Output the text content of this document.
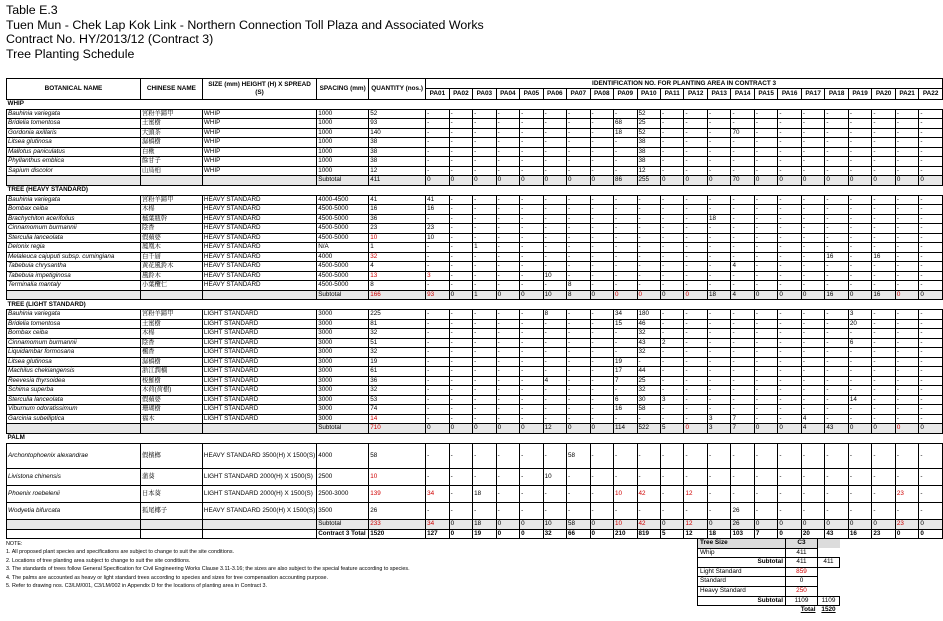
Table E.3
Tuen Mun - Chek Lap Kok Link - Northern Connection Toll Plaza and Associated Works
Contract No. HY/2013/12 (Contract 3)
Tree Planting Schedule
BOTANICAL NAME	CHINESE NAME	SIZE (mm) HEIGHT (H) X SPREAD (S)	SPACING (mm)	QUANTITY (nos.)	IDENTIFICATION NO. FOR PLANTING AREA IN CONTRACT 3																					
					PA01	PA02	PA03	PA04	PA05	PA06	PA07	PA08	PA09	PA10	PA11	PA12	PA13	PA14	PA15	PA16	PA17	PA18	PA19	PA20	PA21	PA22
WHIP																										
Bauhinia variegata	宮粉羊蹄甲	WHIP	1000	52	-	-	-	-	-	-	-	-	-	52	-	-	-	-	-	-	-	-	-	-	-	-
Bridelia tomentosa	土蜜樹	WHIP	1000	93	-	-	-	-	-	-	-	-	68	25	-	-	-	-	-	-	-	-	-	-	-	-
Gordonia axillaris	大頭茶	WHIP	1000	140	-	-	-	-	-	-	-	-	18	52	-	-	-	70	-	-	-	-	-	-	-	-
Litsea glutinosa	潺槁樹	WHIP	1000	38	-	-	-	-	-	-	-	-	-	38	-	-	-	-	-	-	-	-	-	-	-	-
Mallotus paniculatus	白楸	WHIP	1000	38	-	-	-	-	-	-	-	-	-	38	-	-	-	-	-	-	-	-	-	-	-	-
Phyllanthus emblica	餘甘子	WHIP	1000	38	-	-	-	-	-	-	-	-	-	38	-	-	-	-	-	-	-	-	-	-	-	-
Sapium discolor	山烏桕	WHIP	1000	12	-	-	-	-	-	-	-	-	-	12	-	-	-	-	-	-	-	-	-	-	-	-
			Subtotal	411	0	0	0	0	0	0	0	0	86	255	0	0	0	70	0	0	0	0	0	0	0	0
TREE (HEAVY STANDARD)																										
Bauhinia variegata	宮粉羊蹄甲	HEAVY STANDARD	4000-4500	41	41	-	-	-	-	-	-	-	-	-	-	-	-	-	-	-	-	-	-	-	-	-
Bombax ceiba	木棉	HEAVY STANDARD	4500-5000	16	16	-	-	-	-	-	-	-	-	-	-	-	-	-	-	-	-	-	-	-	-	-
Brachychiton acerifolius	槭葉瓶幹	HEAVY STANDARD	4500-5000	36	-	-	-	-	-	-	-	-	-	-	-	-	18	-	-	-	-	-	-	-	-	-
Cinnamomum burmannii	陰香	HEAVY STANDARD	4500-5000	23	23	-	-	-	-	-	-	-	-	-	-	-	-	-	-	-	-	-	-	-	-	-
Sterculia lanceolata	假蘋婆	HEAVY STANDARD	4500-5000	10	10	-	-	-	-	-	-	-	-	-	-	-	-	-	-	-	-	-	-	-	-	-
Delonix regia	鳳凰木	HEAVY STANDARD	N/A	1	-	-	1	-	-	-	-	-	-	-	-	-	-	-	-	-	-	-	-	-	-	-
Melaleuca cajuputi subsp. cumingiana	白千層	HEAVY STANDARD	4000	32	-	-	-	-	-	-	-	-	-	-	-	-	-	-	-	-	-	16	-	16	-	-
Tabebuia chrysantha	黃花風鈴木	HEAVY STANDARD	4500-5000	4	-	-	-	-	-	-	-	-	-	-	-	-	-	4	-	-	-	-	-	-	-	-
Tabebuia impetiginosa	風鈴木	HEAVY STANDARD	4500-5000	13	3	-	-	-	-	10	-	-	-	-	-	-	-	-	-	-	-	-	-	-	-	-
Terminalia mantaly	小葉欖仁	HEAVY STANDARD	4500-5000	8	-	-	-	-	-	-	8	-	-	-	-	-	-	-	-	-	-	-	-	-	-	-
			Subtotal	166	93	0	1	0	0	10	8	0	0	0	0	0	18	4	0	0	0	16	0	16	0	0
TREE (LIGHT STANDARD)																										
Bauhinia variegata	宮粉羊蹄甲	LIGHT STANDARD	3000	225	-	-	-	-	-	8	-	-	34	180	-	-	-	-	-	-	-	-	3	-	-	-
Bridelia tomentosa	土蜜樹	LIGHT STANDARD	3000	81	-	-	-	-	-	-	-	-	15	46	-	-	-	-	-	-	-	-	20	-	-	-
Bombax ceiba	木棉	LIGHT STANDARD	3000	32	-	-	-	-	-	-	-	-	-	32	-	-	-	-	-	-	-	-	-	-	-	-
Cinnamomum burmannii	陰香	LIGHT STANDARD	3000	51	-	-	-	-	-	-	-	-	-	43	2	-	-	-	-	-	-	-	6	-	-	-
Liquidambar formosana	楓香	LIGHT STANDARD	3000	32	-	-	-	-	-	-	-	-	-	32	-	-	-	-	-	-	-	-	-	-	-	-
Litsea glutinosa	潺槁樹	LIGHT STANDARD	3000	19	-	-	-	-	-	-	-	-	19	-	-	-	-	-	-	-	-	-	-	-	-	-
Machilus chekiangensis	浙江潤楠	LIGHT STANDARD	3000	61	-	-	-	-	-	-	-	-	17	44	-	-	-	-	-	-	-	-	-	-	-	-
Reevesia thyrsoidea	梭羅樹	LIGHT STANDARD	3000	36	-	-	-	-	-	4	-	-	7	25	-	-	-	-	-	-	-	-	-	-	-	-
Schima superba	木荷(荷樹)	LIGHT STANDARD	3000	32	-	-	-	-	-	-	-	-	-	32	-	-	-	-	-	-	-	-	-	-	-	-
Sterculia lanceolata	假蘋婆	LIGHT STANDARD	3000	53	-	-	-	-	-	-	-	-	6	30	3	-	-	-	-	-	-	-	14	-	-	-
Viburnum odoratissimum	珊瑚樹	LIGHT STANDARD	3000	74	-	-	-	-	-	-	-	-	16	58	-	-	-	-	-	-	-	-	-	-	-	-
Garcinia subelliptica	福木	LIGHT STANDARD	3000	14	-	-	-	-	-	-	-	-	-	-	-	-	3	7	-	-	4	-	-	-	-	-
			Subtotal	710	0	0	0	0	0	12	0	0	114	522	5	0	3	7	0	0	4	43	0	0	0	0
PALM																										
Archontophoenix alexandrae	假檳榔	HEAVY STANDARD 3500(H) X 1500(S)	4000	58	-	-	-	-	-	-	58	-	-	-	-	-	-	-	-	-	-	-	-	-	-	-
Livistona chinensis	蒲葵	LIGHT STANDARD 2000(H) X 1500(S)	2500	10	-	-	-	-	-	10	-	-	-	-	-	-	-	-	-	-	-	-	-	-	-	-
Phoenix roebelenii	日本葵	LIGHT STANDARD 2000(H) X 1500(S)	2500-3000	139	34	-	18	-	-	-	-	-	10	42	-	12	-	-	-	-	-	-	-	-	23	-
Wodyetia bifurcata	狐尾椰子	HEAVY STANDARD 2500(H) X 1500(S)	3500	26	-	-	-	-	-	-	-	-	-	-	-	-	-	26	-	-	-	-	-	-	-	-
			Subtotal	233	34	0	18	0	0	10	58	0	10	42	0	12	0	26	0	0	0	0	0	0	23	0
			Contract 3 Total	1520	127	0	19	0	0	32	66	0	210	819	5	12	18	103	7	0	20	43	16	23	0	0
NOTE:
1. All proposed plant species and specifications are subject to change to suit the site conditions.
2. Locations of tree planting area subject to change to suit the site conditions.
3. The standards of trees follow General Specification for Civil Engineering Works Clause 3.11-3.16; the sizes are also subject to the special feature according to species.
4. The palms are accounted as heavy or light standard trees according to species and sizes for tree compensation accounting purpose.
5. Refer to drawing nos. C3/LM/001, C3/LM/002 in Appendix D for the locations of planting area in Contract 3.
Tree Size	C3	
Whip	411	
Subtotal	411	411
Light Standard	859	
Standard	0	
Heavy Standard	250	
Subtotal	1109	1109
	Total	1520
